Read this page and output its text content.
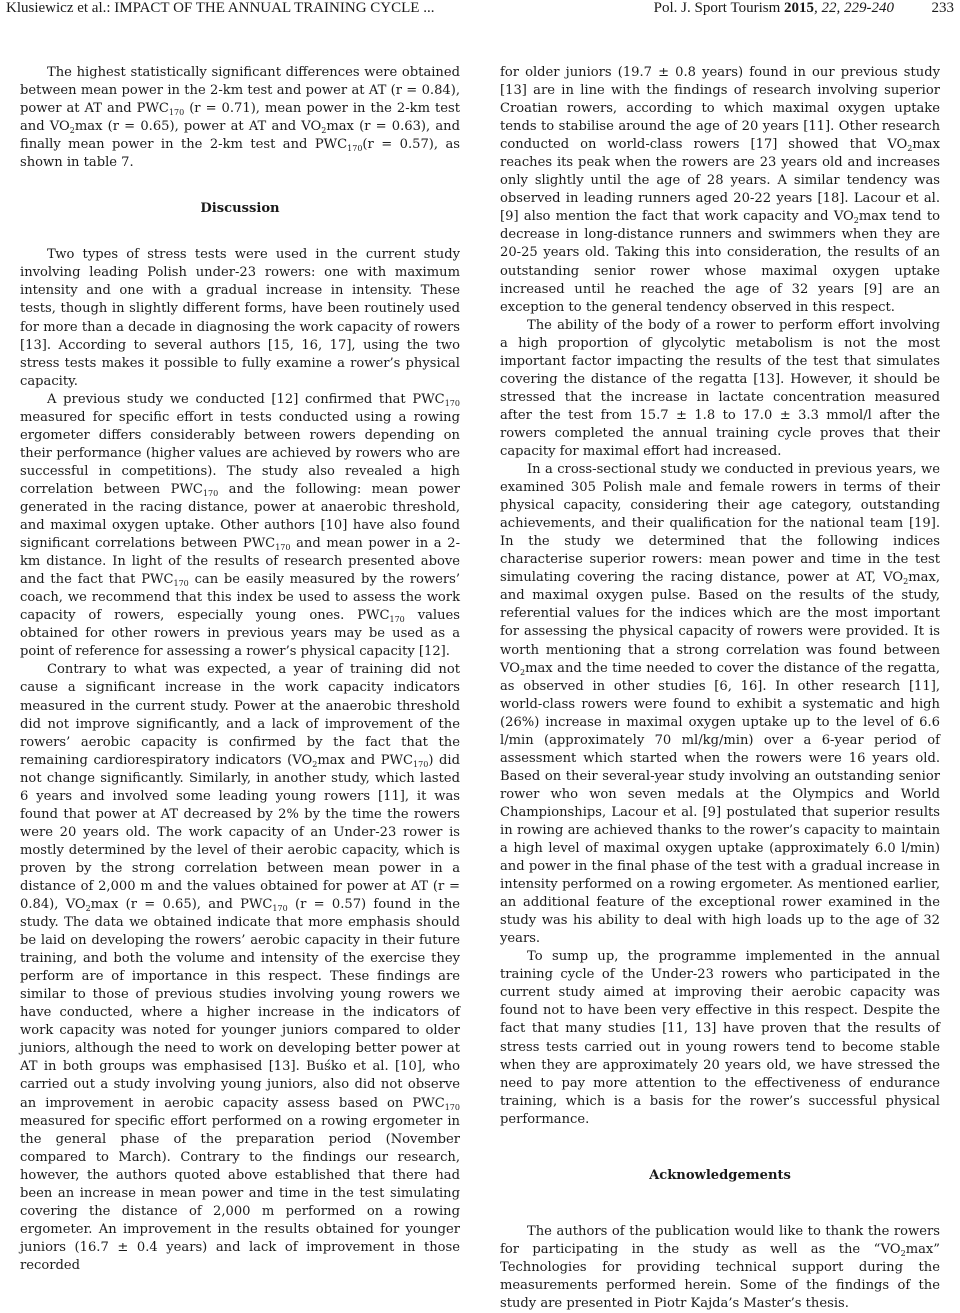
Klusiewicz et al.: IMPACT OF THE ANNUAL TRAINING CYCLE ...	Pol. J. Sport Tourism 2015, 22, 229-240	233

The highest statistically significant differences were obtained between mean power in the 2-km test and power at AT (r = 0.84), power at AT and $PWC_{170}$ (r = 0.71), mean power in the 2-km test and $VO_2\max$ (r = 0.65), power at AT and $VO_2\max$ (r = 0.63), and finally mean power in the 2-km test and $PWC_{170}(r = 0.57)$, as shown in table 7.

Discussion

Two types of stress tests were used in the current study involving leading Polish under-23 rowers: one with maximum intensity and one with a gradual increase in intensity. These tests, though in slightly different forms, have been routinely used for more than a decade in diagnosing the work capacity of rowers [13]. According to several authors [15, 16, 17], using the two stress tests makes it possible to fully examine a rower’s physical capacity.

A previous study we conducted [12] confirmed that $PWC_{170}$ measured for specific effort in tests conducted using a rowing ergometer differs considerably between rowers depending on their performance (higher values are achieved by rowers who are successful in competitions). The study also revealed a high correlation between $PWC_{170}$ and the following: mean power generated in the racing distance, power at anaerobic threshold, and maximal oxygen uptake. Other authors [10] have also found significant correlations between $PWC_{170}$ and mean power in a 2-km distance. In light of the results of research presented above and the fact that $PWC_{170}$ can be easily measured by the rowers’ coach, we recommend that this index be used to assess the work capacity of rowers, especially young ones. $PWC_{170}$ values obtained for other rowers in previous years may be used as a point of reference for assessing a rower’s physical capacity [12].

Contrary to what was expected, a year of training did not cause a significant increase in the work capacity indicators measured in the current study. Power at the anaerobic threshold did not improve significantly, and a lack of improvement of the rowers’ aerobic capacity is confirmed by the fact that the remaining cardiorespiratory indicators ($VO_2\max$ and $PWC_{170}$) did not change significantly. Similarly, in another study, which lasted 6 years and involved some leading young rowers [11], it was found that power at AT decreased by 2% by the time the rowers were 20 years old. The work capacity of an Under-23 rower is mostly determined by the level of their aerobic capacity, which is proven by the strong correlation between mean power in a distance of 2,000 m and the values obtained for power at AT (r = 0.84), $VO_2\max$ (r = 0.65), and $PWC_{170}$ (r = 0.57) found in the study. The data we obtained indicate that more emphasis should be laid on developing the rowers’ aerobic capacity in their future training, and both the volume and intensity of the exercise they perform are of importance in this respect. These findings are similar to those of previous studies involving young rowers we have conducted, where a higher increase in the indicators of work capacity was noted for younger juniors compared to older juniors, although the need to work on developing better power at AT in both groups was emphasised [13]. Buśko et al. [10], who carried out a study involving young juniors, also did not observe an improvement in aerobic capacity assess based on $PWC_{170}$ measured for specific effort performed on a rowing ergometer in the general phase of the preparation period (November compared to March). Contrary to the findings our research, however, the authors quoted above established that there had been an increase in mean power and time in the test simulating covering the distance of 2,000 m performed on a rowing ergometer. An improvement in the results obtained for younger juniors (16.7 ± 0.4 years) and lack of improvement in those recorded

for older juniors (19.7 ± 0.8 years) found in our previous study [13] are in line with the findings of research involving superior Croatian rowers, according to which maximal oxygen uptake tends to stabilise around the age of 20 years [11]. Other research conducted on world-class rowers [17] showed that $VO_2\max$ reaches its peak when the rowers are 23 years old and increases only slightly until the age of 28 years. A similar tendency was observed in leading runners aged 20-22 years [18]. Lacour et al. [9] also mention the fact that work capacity and $VO_2\max$ tend to decrease in long-distance runners and swimmers when they are 20-25 years old. Taking this into consideration, the results of an outstanding senior rower whose maximal oxygen uptake increased until he reached the age of 32 years [9] are an exception to the general tendency observed in this respect.

The ability of the body of a rower to perform effort involving a high proportion of glycolytic metabolism is not the most important factor impacting the results of the test that simulates covering the distance of the regatta [13]. However, it should be stressed that the increase in lactate concentration measured after the test from 15.7 ± 1.8 to 17.0 ± 3.3 mmol/l after the rowers completed the annual training cycle proves that their capacity for maximal effort had increased.

In a cross-sectional study we conducted in previous years, we examined 305 Polish male and female rowers in terms of their physical capacity, considering their age category, outstanding achievements, and their qualification for the national team [19]. In the study we determined that the following indices characterise superior rowers: mean power and time in the test simulating covering the racing distance, power at AT, $VO_2\max$, and maximal oxygen pulse. Based on the results of the study, referential values for the indices which are the most important for assessing the physical capacity of rowers were provided. It is worth mentioning that a strong correlation was found between $VO_2\max$ and the time needed to cover the distance of the regatta, as observed in other studies [6, 16]. In other research [11], world-class rowers were found to exhibit a systematic and high (26%) increase in maximal oxygen uptake up to the level of 6.6 l/min (approximately 70 ml/kg/min) over a 6-year period of assessment which started when the rowers were 16 years old. Based on their several-year study involving an outstanding senior rower who won seven medals at the Olympics and World Championships, Lacour et al. [9] postulated that superior results in rowing are achieved thanks to the rower’s capacity to maintain a high level of maximal oxygen uptake (approximately 6.0 l/min) and power in the final phase of the test with a gradual increase in intensity performed on a rowing ergometer. As mentioned earlier, an additional feature of the exceptional rower examined in the study was his ability to deal with high loads up to the age of 32 years.

To sump up, the programme implemented in the annual training cycle of the Under-23 rowers who participated in the current study aimed at improving their aerobic capacity was found not to have been very effective in this respect. Despite the fact that many studies [11, 13] have proven that the results of stress tests carried out in young rowers tend to become stable when they are approximately 20 years old, we have stressed the need to pay more attention to the effectiveness of endurance training, which is a basis for the rower’s successful physical performance.

Acknowledgements

The authors of the publication would like to thank the rowers for participating in the study as well as the “$VO_2\max$” Technologies for providing technical support during the measurements performed herein. Some of the findings of the study are presented in Piotr Kajda’s Master’s thesis.
